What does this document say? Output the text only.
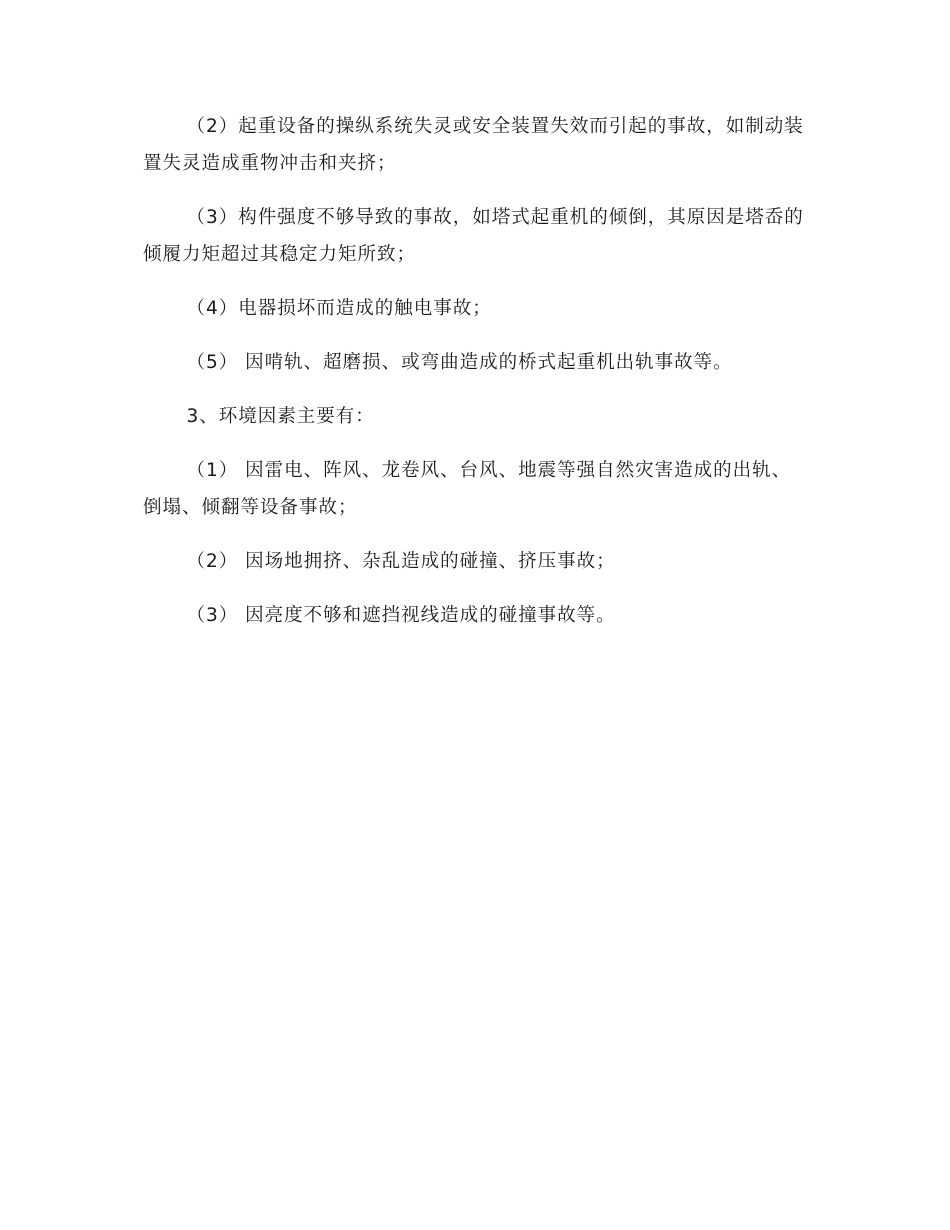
（2）起重设备的操纵系统失灵或安全装置失效而引起的事故，如制动装置失灵造成重物冲击和夹挤；

（3）构件强度不够导致的事故，如塔式起重机的倾倒，其原因是塔岙的倾履力矩超过其稳定力矩所致；

（4）电器损坏而造成的触电事故；

（5） 因啃轨、超磨损、或弯曲造成的桥式起重机出轨事故等。

3、环境因素主要有：

（1） 因雷电、阵风、龙卷风、台风、地震等强自然灾害造成的出轨、倒塌、倾翻等设备事故；

（2） 因场地拥挤、杂乱造成的碰撞、挤压事故；

（3） 因亮度不够和遮挡视线造成的碰撞事故等。
